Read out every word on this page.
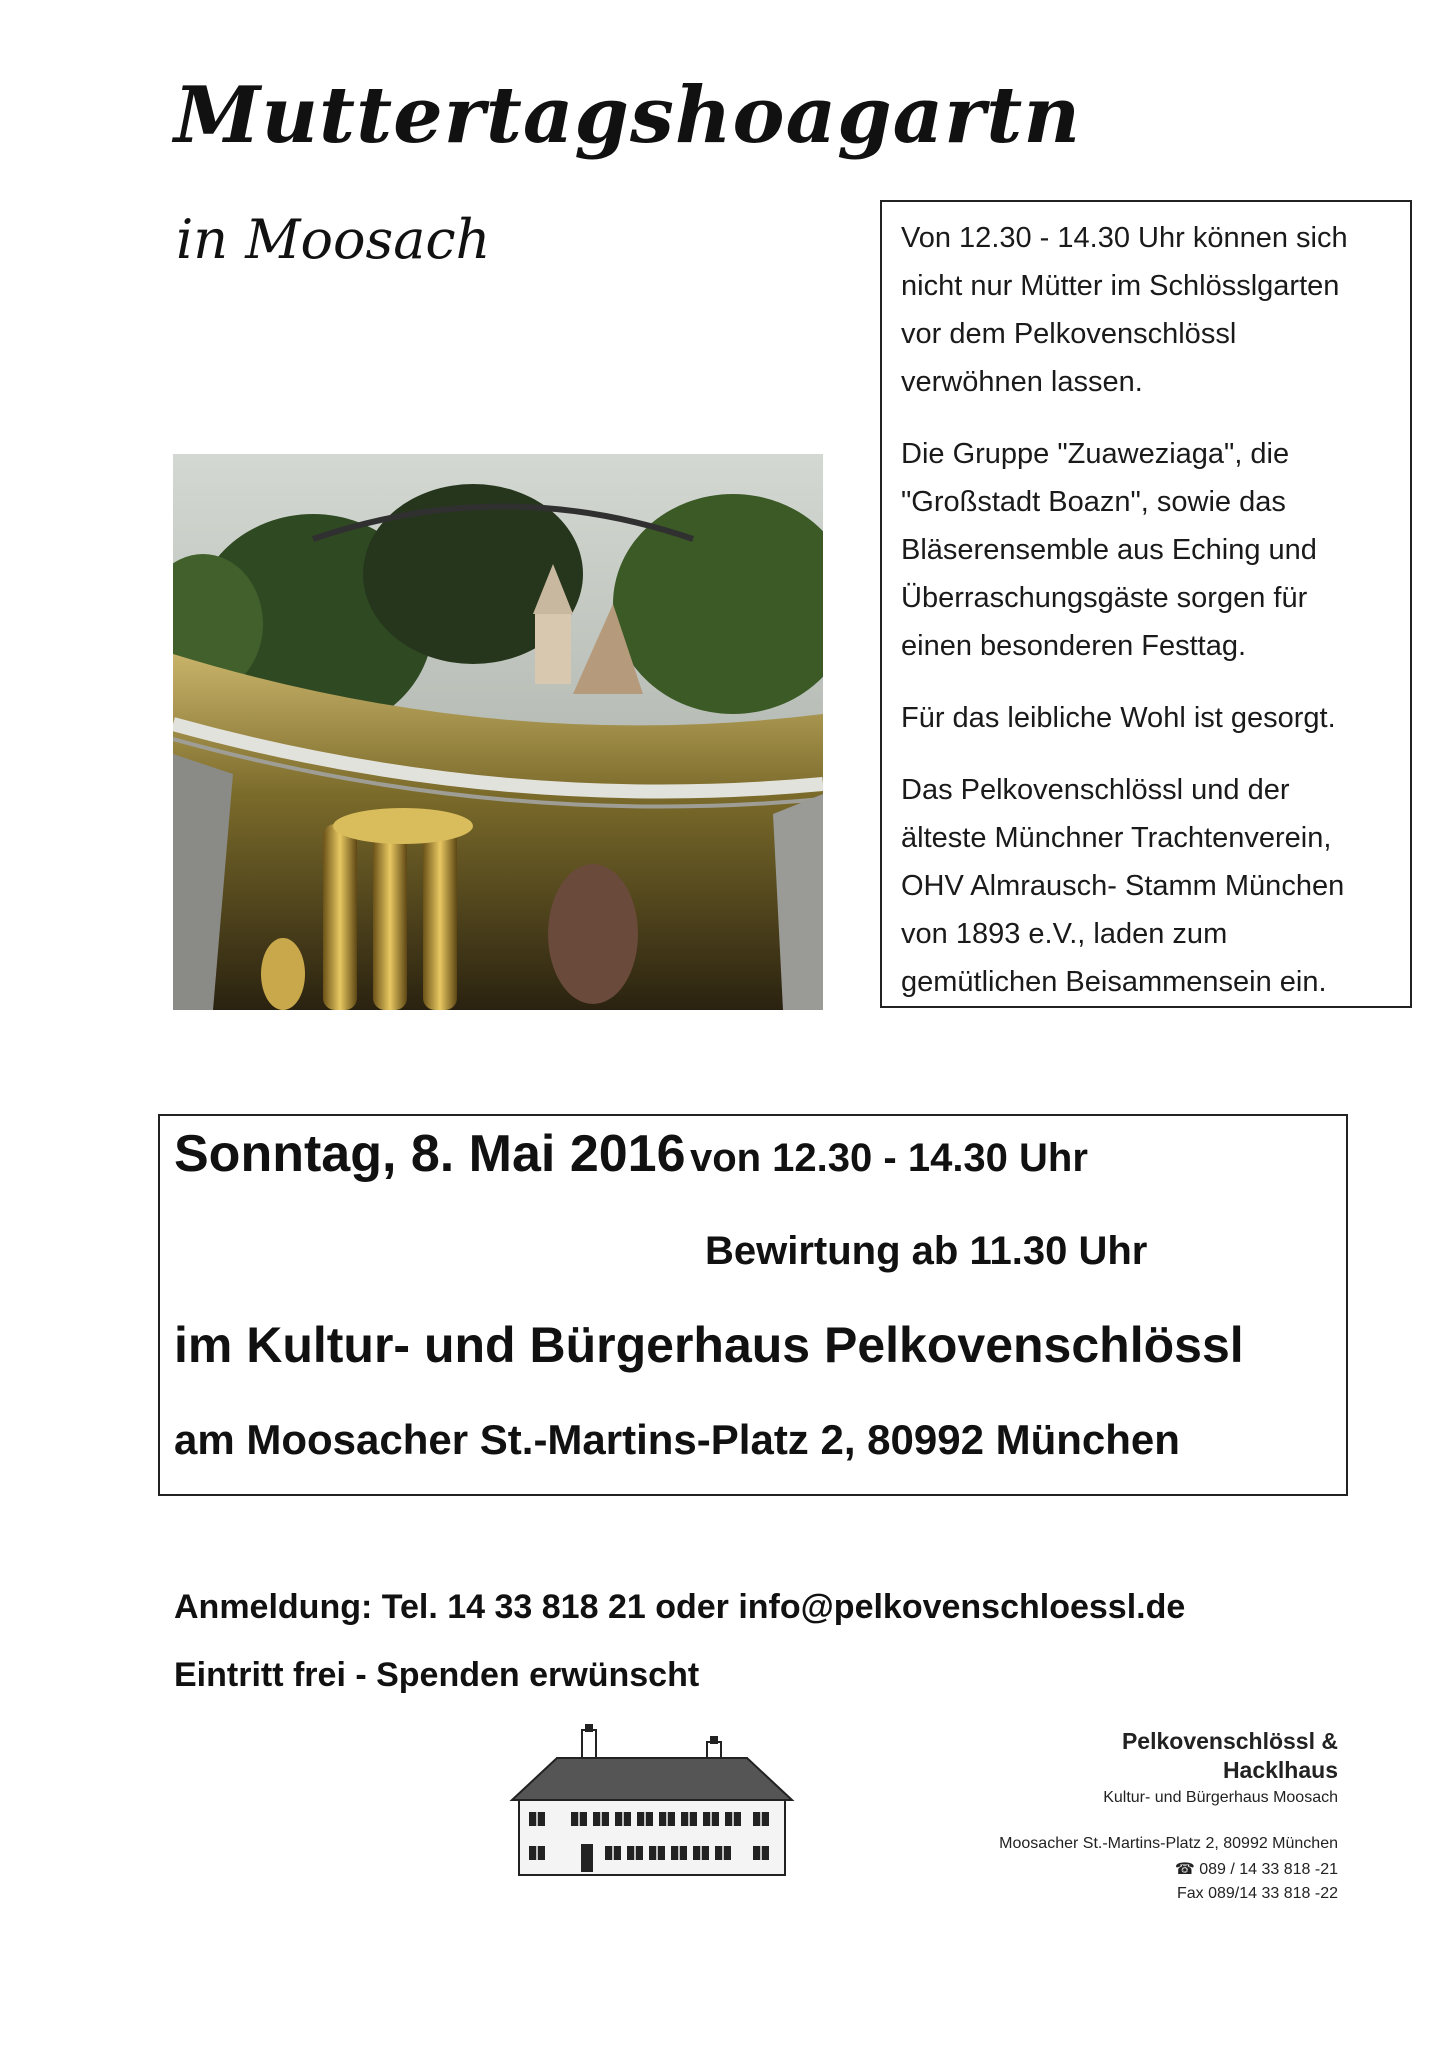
Muttertagshoagartn
in Moosach	Von 12.30 - 14.30 Uhr können sich
nicht nur Mütter im Schlösslgarten
vor dem Pelkovenschlössl
verwöhnen lassen.

Die Gruppe "Zuaweziaga", die
"Großstadt Boazn", sowie das
Bläserensemble aus Eching und
Überraschungsgäste sorgen für
einen besonderen Festtag.

Für das leibliche Wohl ist gesorgt.

Das Pelkovenschlössl und der
älteste Münchner Trachtenverein,
OHV Almrausch- Stamm München
von 1893 e.V., laden zum
gemütlichen Beisammensein ein.

Sonntag, 8. Mai 2016 von 12.30 - 14.30 Uhr
Bewirtung ab 11.30 Uhr
im Kultur- und Bürgerhaus Pelkovenschlössl
am Moosacher St.-Martins-Platz 2, 80992 München
Anmeldung: Tel. 14 33 818 21 oder info@pelkovenschloessl.de
Eintritt frei - Spenden erwünscht
Pelkovenschlössl &
Hacklhaus
Kultur- und Bürgerhaus Moosach
Moosacher St.-Martins-Platz 2, 80992 München
☎ 089 / 14 33 818 -21
Fax 089/14 33 818 -22
